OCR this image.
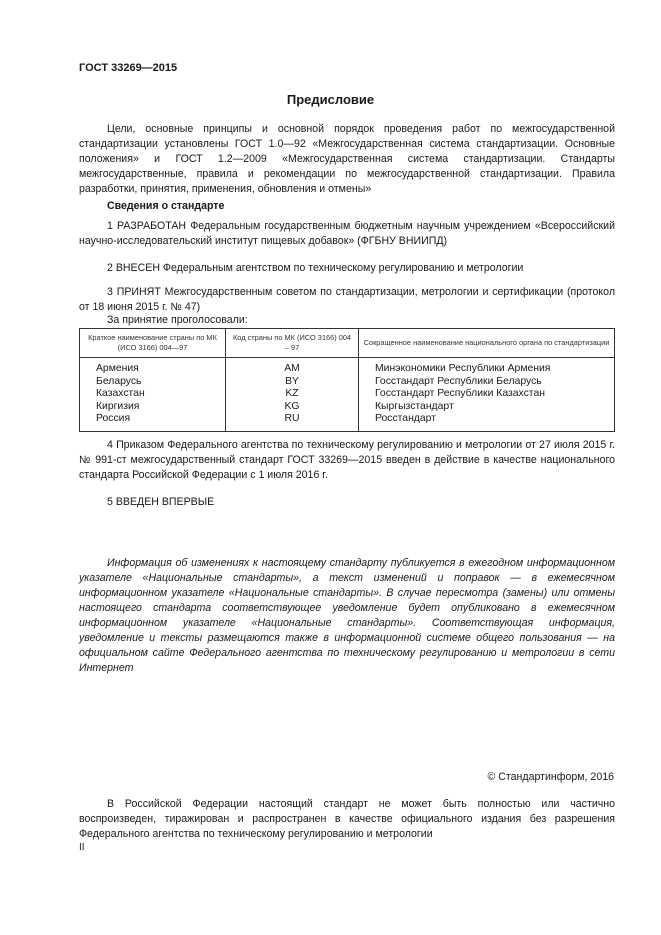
ГОСТ 33269—2015
Предисловие

Цели, основные принципы и основной порядок проведения работ по межгосударственной стандартизации установлены ГОСТ 1.0—92 «Межгосударственная система стандартизации. Основные положения» и ГОСТ 1.2—2009 «Межгосударственная система стандартизации. Стандарты межгосударственные, правила и рекомендации по межгосударственной стандартизации. Правила разработки, принятия, применения, обновления и отмены»

Сведения о стандарте

1 РАЗРАБОТАН Федеральным государственным бюджетным научным учреждением «Всероссийский научно-исследовательский институт пищевых добавок» (ФГБНУ ВНИИПД)

2 ВНЕСЕН Федеральным агентством по техническому регулированию и метрологии

3 ПРИНЯТ Межгосударственным советом по стандартизации, метрологии и сертификации (протокол от 18 июня 2015 г. № 47)

За принятие проголосовали:
Краткое наименование страны по МК (ИСО 3166) 004—97	Код страны по МК (ИСО 3166) 004 – 97	Сокращенное наименование национального органа по стандартизации
Армения	AM	Минэкономики Республики Армения
Беларусь	BY	Госстандарт Республики Беларусь
Казахстан	KZ	Госстандарт Республики Казахстан
Киргизия	KG	Кыргызстандарт
Россия	RU	Росстандарт

4 Приказом Федерального агентства по техническому регулированию и метрологии от 27 июля 2015 г. № 991-ст межгосударственный стандарт ГОСТ 33269—2015 введен в действие в качестве национального стандарта Российской Федерации с 1 июля 2016 г.

5 ВВЕДЕН ВПЕРВЫЕ

Информация об изменениях к настоящему стандарту публикуется в ежегодном информационном указателе «Национальные стандарты», а текст изменений и поправок — в ежемесячном информационном указателе «Национальные стандарты». В случае пересмотра (замены) или отмены настоящего стандарта соответствующее уведомление будет опубликовано в ежемесячном информационном указателе «Национальные стандарты». Соответствующая информация, уведомление и тексты размещаются также в информационной системе общего пользования — на официальном сайте Федерального агентства по техническому регулированию и метрологии в сети Интернет

© Стандартинформ, 2016

В Российской Федерации настоящий стандарт не может быть полностью или частично воспроизведен, тиражирован и распространен в качестве официального издания без разрешения Федерального агентства по техническому регулированию и метрологии

II
